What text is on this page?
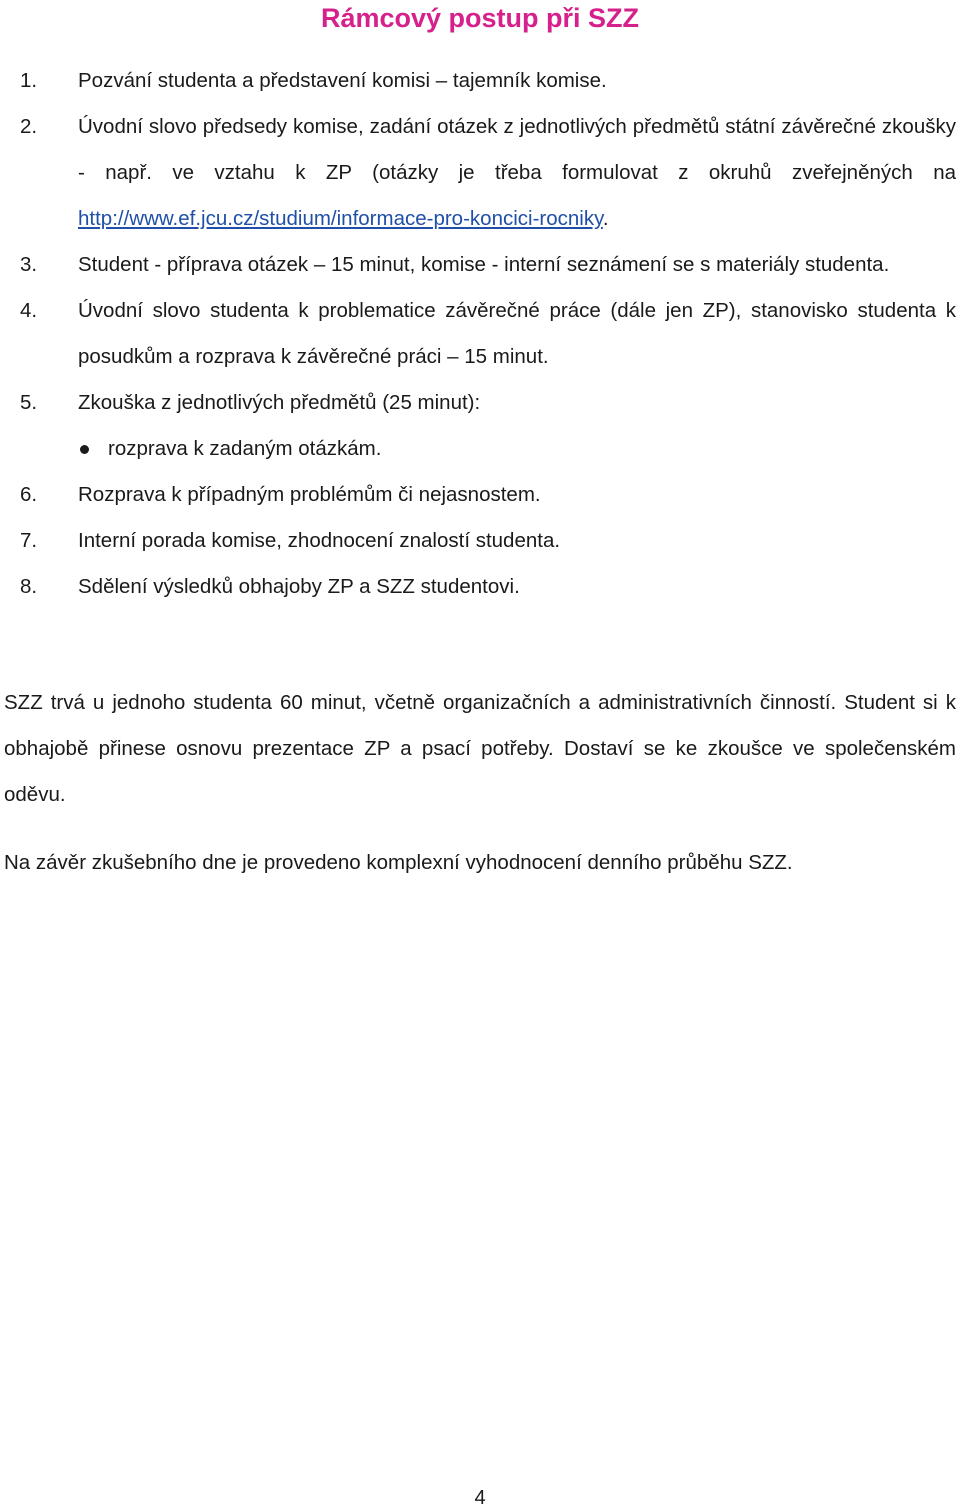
Rámcový postup při SZZ
1. Pozvání studenta a představení komisi – tajemník komise.
2. Úvodní slovo předsedy komise, zadání otázek z jednotlivých předmětů státní závěrečné zkoušky - např. ve vztahu k ZP (otázky je třeba formulovat z okruhů zveřejněných na http://www.ef.jcu.cz/studium/informace-pro-koncici-rocniky.
3. Student - příprava otázek – 15 minut, komise - interní seznámení se s materiály studenta.
4. Úvodní slovo studenta k problematice závěrečné práce (dále jen ZP), stanovisko studenta k posudkům a rozprava k závěrečné práci – 15 minut.
5. Zkouška z jednotlivých předmětů (25 minut):
rozprava k zadaným otázkám.
6. Rozprava k případným problémům či nejasnostem.
7. Interní porada komise, zhodnocení znalostí studenta.
8. Sdělení výsledků obhajoby ZP a SZZ studentovi.

SZZ trvá u jednoho studenta 60 minut, včetně organizačních a administrativních činností. Student si k obhajobě přinese osnovu prezentace ZP a psací potřeby. Dostaví se ke zkoušce ve společenském oděvu.

Na závěr zkušebního dne je provedeno komplexní vyhodnocení denního průběhu SZZ.

4
